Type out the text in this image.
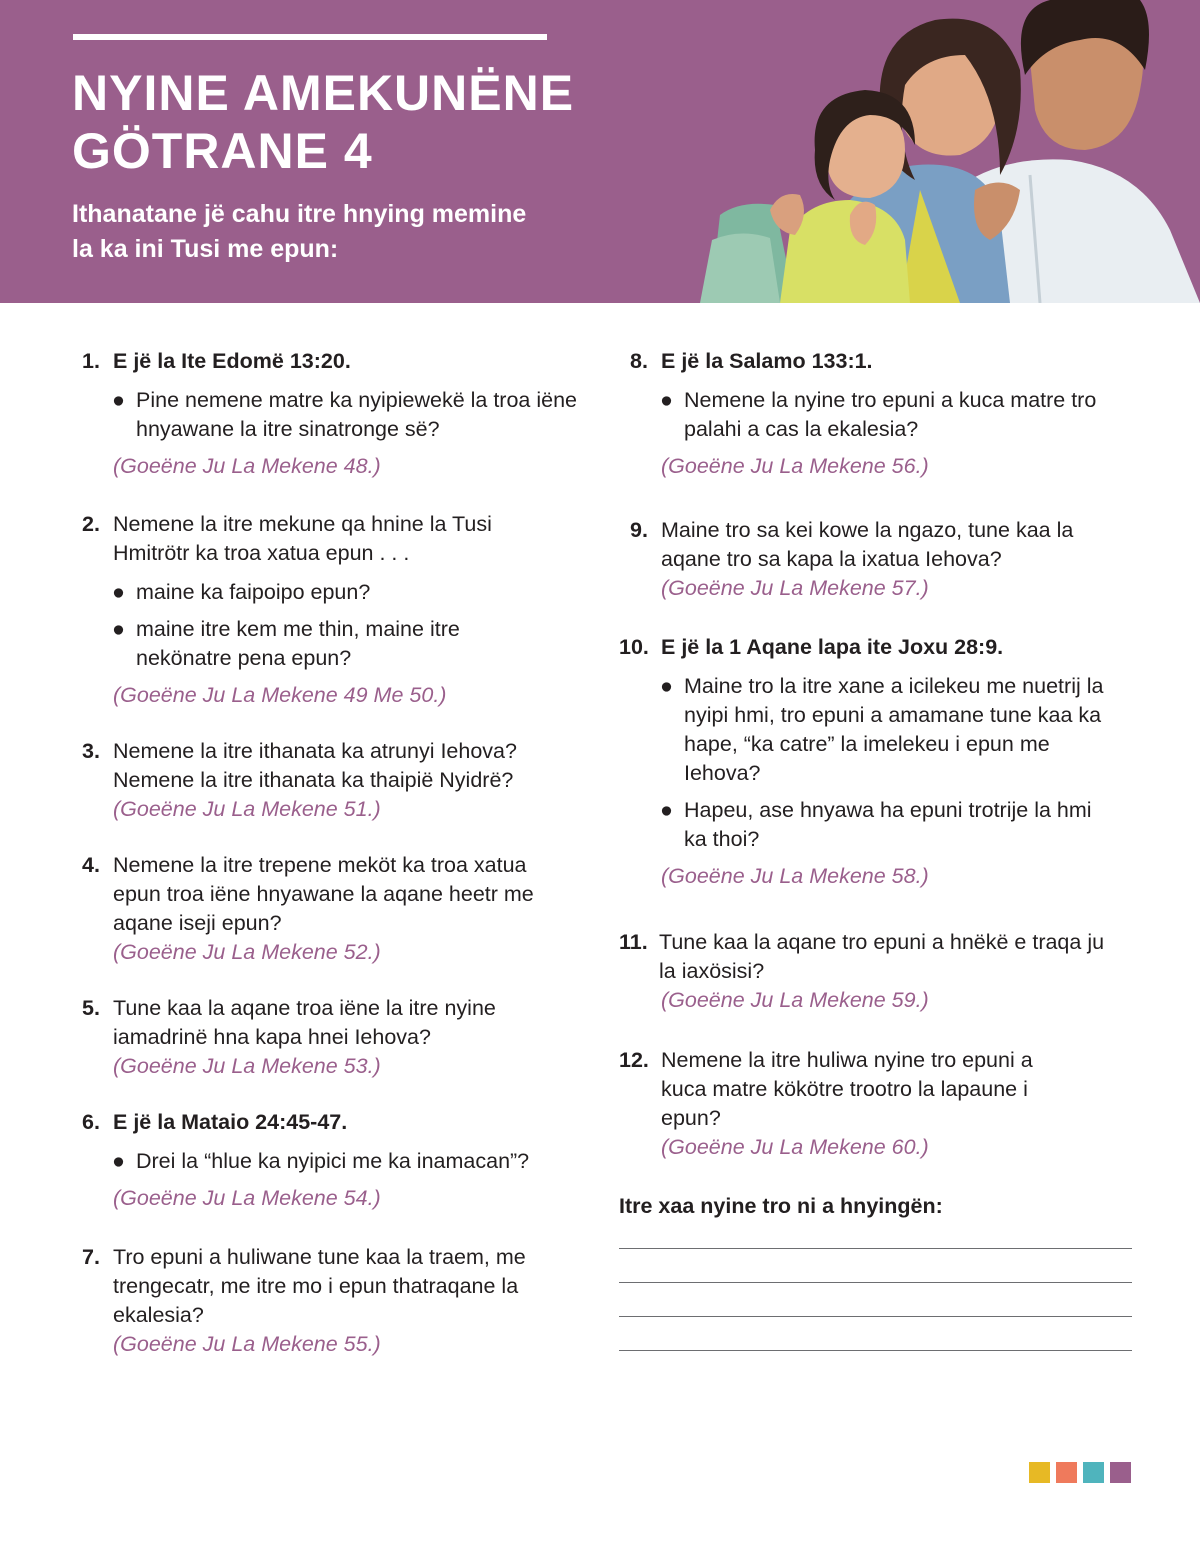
NYINE AMEKUNËNE
GÖTRANE 4

Ithanatane jë cahu itre hnying memine
la ka ini Tusi me epun:

1. E jë la Ite Edomë 13:20.
● Pine nemene matre ka nyipiewekë la troa iëne hnyawane la itre sinatronge së?
(Goeëne Ju La Mekene 48.)
2. Nemene la itre mekune qa hnine la Tusi Hmitrötr ka troa xatua epun . . .
● maine ka faipoipo epun?
● maine itre kem me thin, maine itre nekönatre pena epun?
(Goeëne Ju La Mekene 49 Me 50.)
3. Nemene la itre ithanata ka atrunyi Iehova? Nemene la itre ithanata ka thaipië Nyidrë?
(Goeëne Ju La Mekene 51.)
4. Nemene la itre trepene meköt ka troa xatua epun troa iëne hnyawane la aqane heetr me aqane iseji epun?
(Goeëne Ju La Mekene 52.)
5. Tune kaa la aqane troa iëne la itre nyine iamadrinë hna kapa hnei Iehova?
(Goeëne Ju La Mekene 53.)
6. E jë la Mataio 24:45-47.
● Drei la “hlue ka nyipici me ka inamacan”?
(Goeëne Ju La Mekene 54.)
7. Tro epuni a huliwane tune kaa la traem, me trengecatr, me itre mo i epun thatraqane la ekalesia?
(Goeëne Ju La Mekene 55.)
8. E jë la Salamo 133:1.
● Nemene la nyine tro epuni a kuca matre tro palahi a cas la ekalesia?
(Goeëne Ju La Mekene 56.)
9. Maine tro sa kei kowe la ngazo, tune kaa la aqane tro sa kapa la ixatua Iehova?
(Goeëne Ju La Mekene 57.)
10. E jë la 1 Aqane lapa ite Joxu 28:9.
● Maine tro la itre xane a icilekeu me nuetrij la nyipi hmi, tro epuni a amamane tune kaa ka hape, “ka catre” la imelekeu i epun me Iehova?
● Hapeu, ase hnyawa ha epuni trotrije la hmi ka thoi?
(Goeëne Ju La Mekene 58.)
11. Tune kaa la aqane tro epuni a hnëkë e traqa ju la iaxösisi?
(Goeëne Ju La Mekene 59.)
12. Nemene la itre huliwa nyine tro epuni a kuca matre kökötre trootro la lapaune i epun?
(Goeëne Ju La Mekene 60.)

Itre xaa nyine tro ni a hnyingën:
